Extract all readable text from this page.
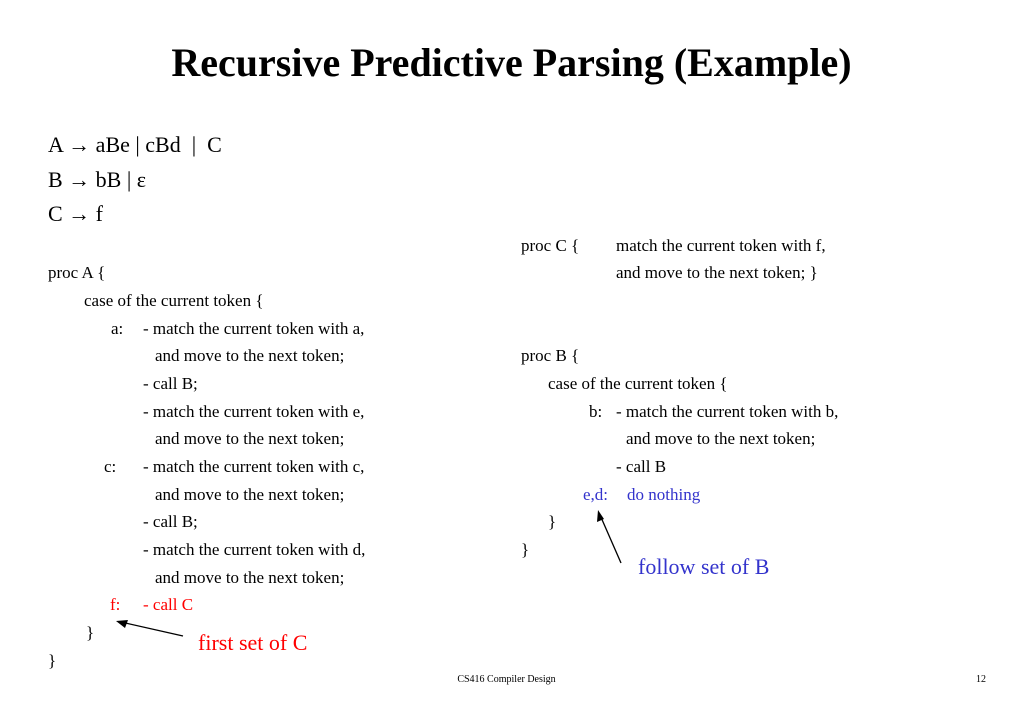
Recursive Predictive Parsing (Example)
A → aBe | cBd  |  C
B → bB | ε
C → f
proc A {
case of the current token {
a: - match the current token with a,
and move to the next token;
- call B;
- match the current token with e,
and move to the next token;
c: - match the current token with c,
and move to the next token;
- call B;
- match the current token with d,
and move to the next token;
f: - call C
}
}
proc C { match the current token with f,
and move to the next token; }
proc B {
case of the current token {
b: - match the current token with b,
and move to the next token;
- call B
e,d: do nothing
}
}
first set of C
follow set of B
CS416 Compiler Design	12
